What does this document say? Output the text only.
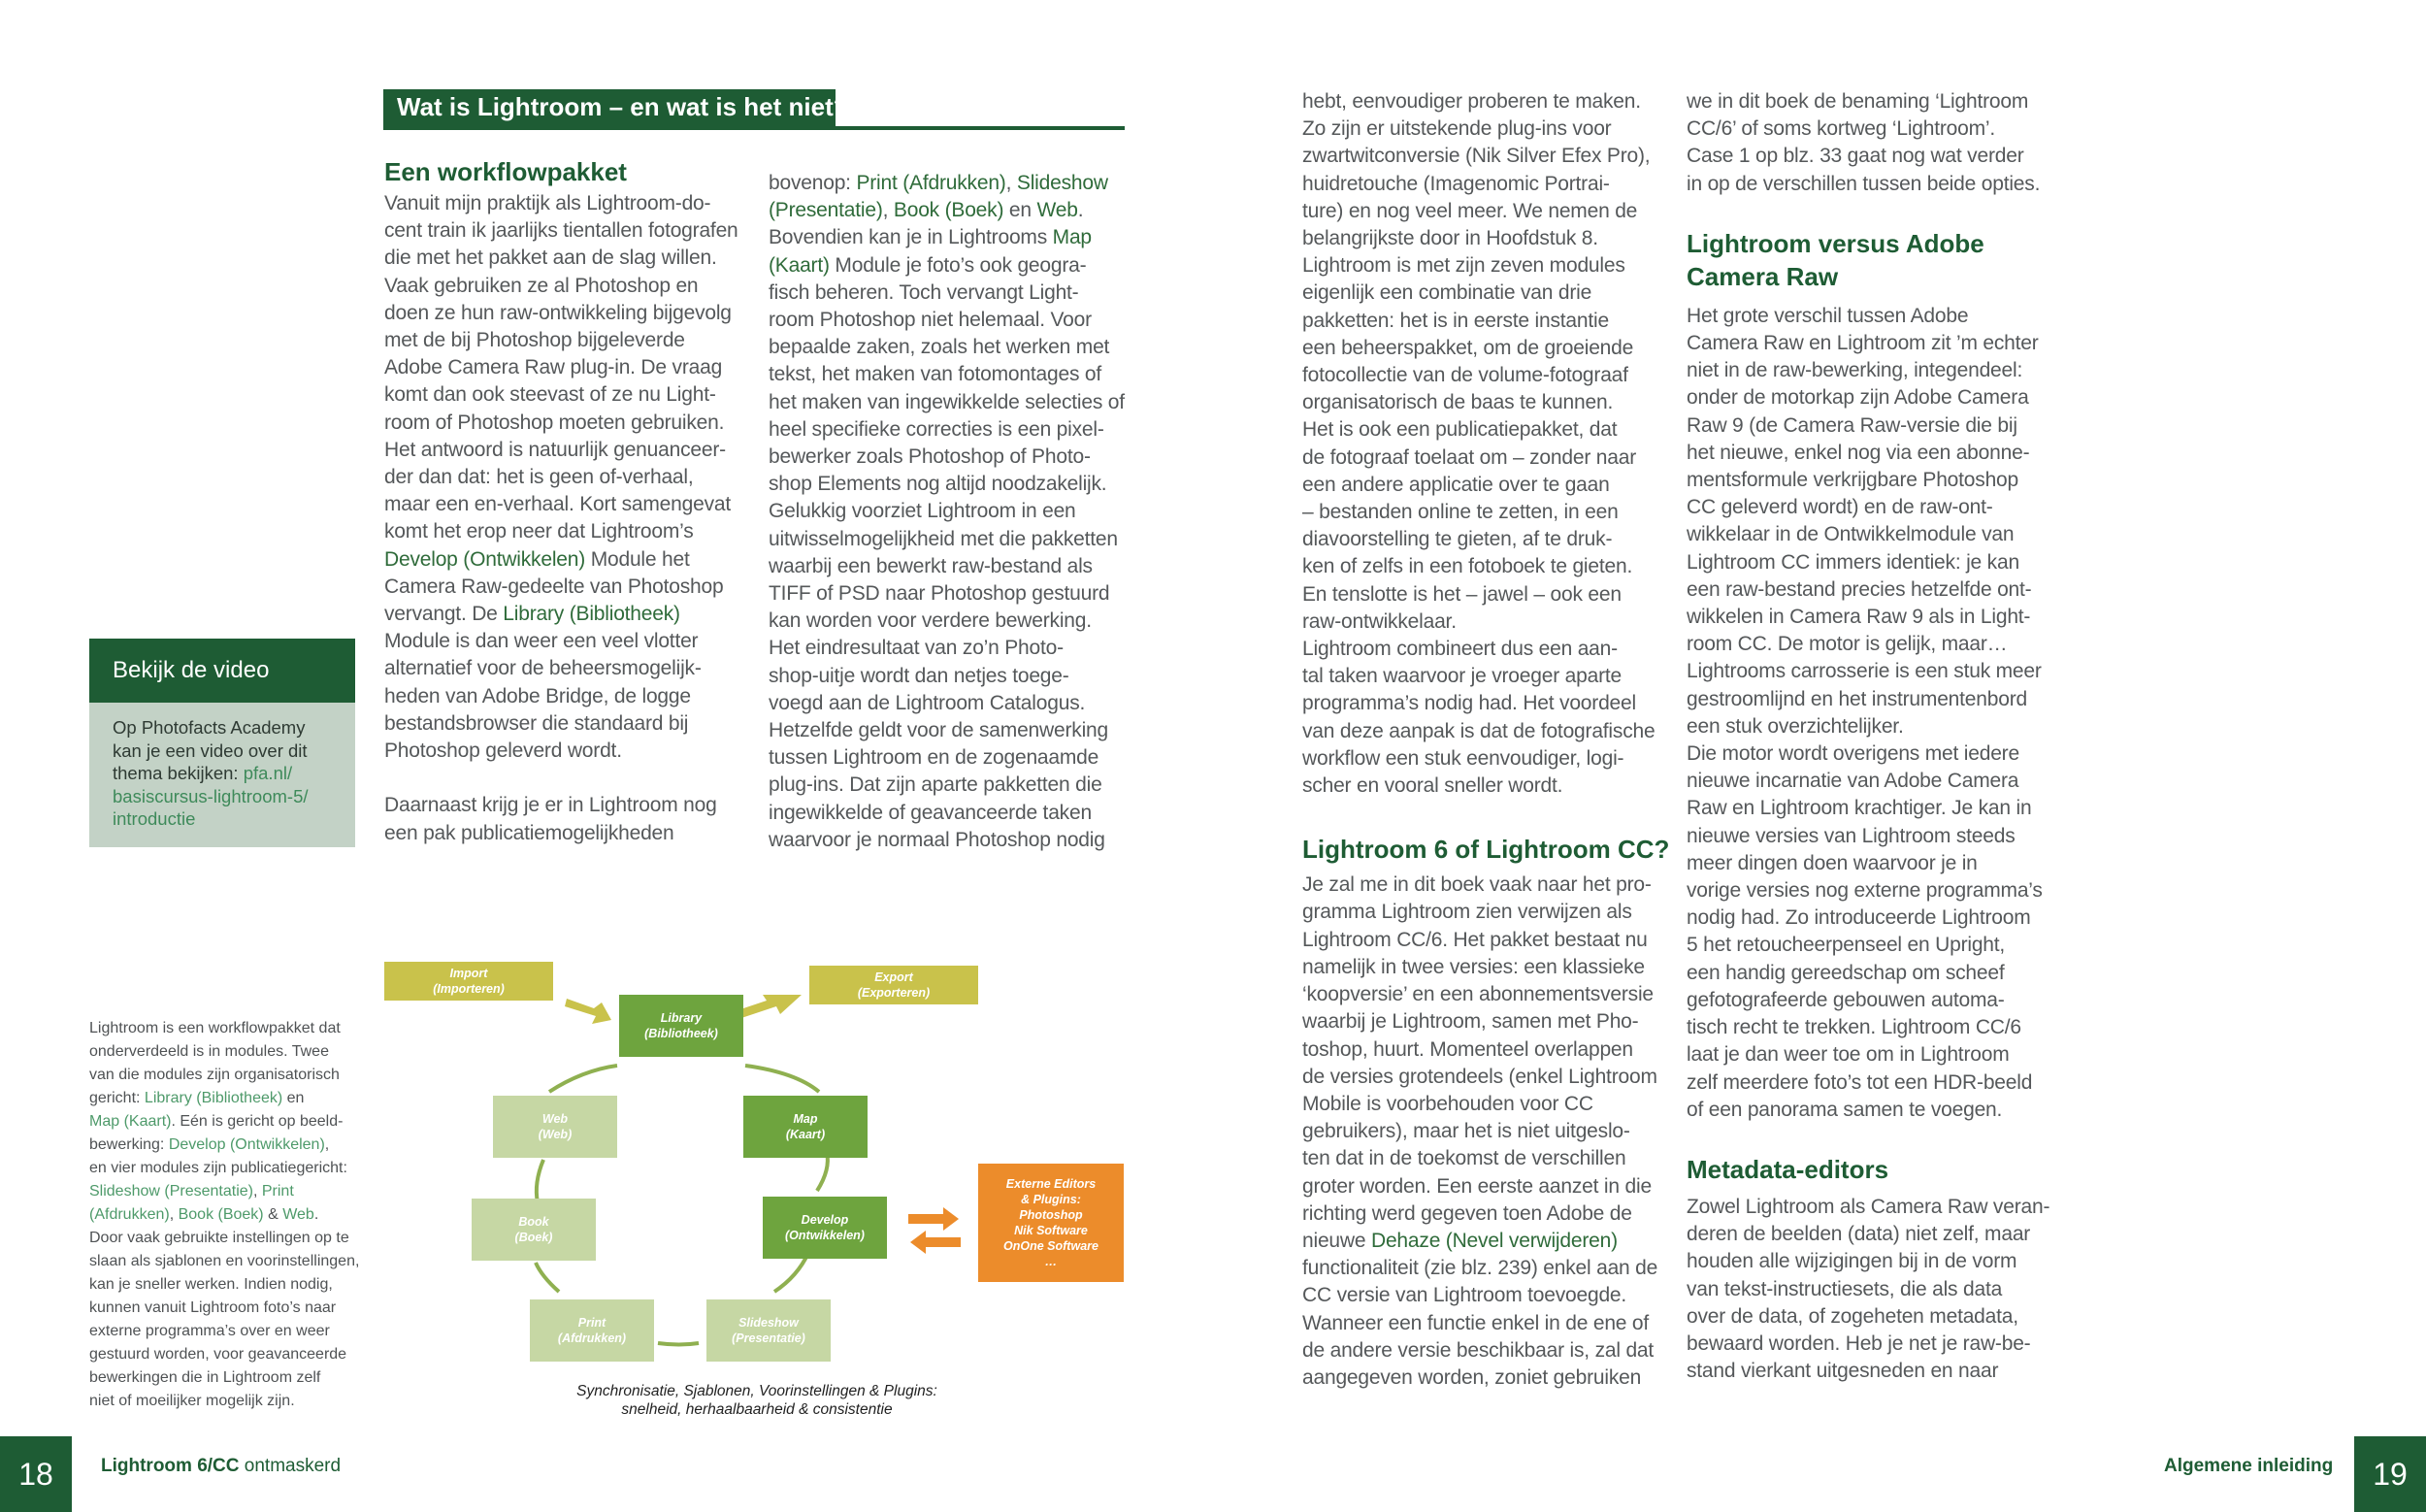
Wat is Lightroom – en wat is het niet?
Een workflowpakket

Vanuit mijn praktijk als Lightroom-do-

cent train ik jaarlijks tientallen fotografen

die met het pakket aan de slag willen.

Vaak gebruiken ze al Photoshop en

doen ze hun raw-ontwikkeling bijgevolg

met de bij Photoshop bijgeleverde

Adobe Camera Raw plug-in. De vraag

komt dan ook steevast of ze nu Light-

room of Photoshop moeten gebruiken.

Het antwoord is natuurlijk genuanceer-

der dan dat: het is geen of-verhaal,

maar een en-verhaal. Kort samengevat

komt het erop neer dat Lightroom’s

Develop (Ontwikkelen) Module het

Camera Raw-gedeelte van Photoshop

vervangt. De Library (Bibliotheek)

Module is dan weer een veel vlotter

alternatief voor de beheersmogelijk-

heden van Adobe Bridge, de logge

bestandsbrowser die standaard bij

Photoshop geleverd wordt.

Daarnaast krijg je er in Lightroom nog

een pak publicatiemogelijkheden

bovenop: Print (Afdrukken), Slideshow

(Presentatie), Book (Boek) en Web.

Bovendien kan je in Lightrooms Map

(Kaart) Module je foto’s ook geogra-

fisch beheren. Toch vervangt Light-

room Photoshop niet helemaal. Voor

bepaalde zaken, zoals het werken met

tekst, het maken van fotomontages of

het maken van ingewikkelde selecties of

heel specifieke correcties is een pixel-

bewerker zoals Photoshop of Photo-

shop Elements nog altijd noodzakelijk.

Gelukkig voorziet Lightroom in een

uitwisselmogelijkheid met die pakketten

waarbij een bewerkt raw-bestand als

TIFF of PSD naar Photoshop gestuurd

kan worden voor verdere bewerking.

Het eindresultaat van zo’n Photo-

shop-uitje wordt dan netjes toege-

voegd aan de Lightroom Catalogus.

Hetzelfde geldt voor de samenwerking

tussen Lightroom en de zogenaamde

plug-ins. Dat zijn aparte pakketten die

ingewikkelde of geavanceerde taken

waarvoor je normaal Photoshop nodig

hebt, eenvoudiger proberen te maken.

Zo zijn er uitstekende plug-ins voor

zwartwitconversie (Nik Silver Efex Pro),

huidretouche (Imagenomic Portrai-

ture) en nog veel meer. We nemen de

belangrijkste door in Hoofdstuk 8.

Lightroom is met zijn zeven modules

eigenlijk een combinatie van drie

pakketten: het is in eerste instantie

een beheerspakket, om de groeiende

fotocollectie van de volume-fotograaf

organisatorisch de baas te kunnen.

Het is ook een publicatiepakket, dat

de fotograaf toelaat om – zonder naar

een andere applicatie over te gaan

– bestanden online te zetten, in een

diavoorstelling te gieten, af te druk-

ken of zelfs in een fotoboek te gieten.

En tenslotte is het – jawel – ook een

raw-ontwikkelaar.

Lightroom combineert dus een aan-

tal taken waarvoor je vroeger aparte

programma’s nodig had. Het voordeel

van deze aanpak is dat de fotografische

workflow een stuk eenvoudiger, logi-

scher en vooral sneller wordt.

Lightroom 6 of Lightroom CC?

Je zal me in dit boek vaak naar het pro-

gramma Lightroom zien verwijzen als

Lightroom CC/6. Het pakket bestaat nu

namelijk in twee versies: een klassieke

‘koopversie’ en een abonnementsversie

waarbij je Lightroom, samen met Pho-

toshop, huurt. Momenteel overlappen

de versies grotendeels (enkel Lightroom

Mobile is voorbehouden voor CC

gebruikers), maar het is niet uitgeslo-

ten dat in de toekomst de verschillen

groter worden. Een eerste aanzet in die

richting werd gegeven toen Adobe de

nieuwe Dehaze (Nevel verwijderen)

functionaliteit (zie blz. 239) enkel aan de

CC versie van Lightroom toevoegde.

Wanneer een functie enkel in de ene of

de andere versie beschikbaar is, zal dat

aangegeven worden, zoniet gebruiken

we in dit boek de benaming ‘Lightroom

CC/6’ of soms kortweg ‘Lightroom’.

Case 1 op blz. 33 gaat nog wat verder

in op de verschillen tussen beide opties.

Lightroom versus Adobe
Camera Raw

Het grote verschil tussen Adobe

Camera Raw en Lightroom zit ’m echter

niet in de raw-bewerking, integendeel:

onder de motorkap zijn Adobe Camera

Raw 9 (de Camera Raw-versie die bij

het nieuwe, enkel nog via een abonne-

mentsformule verkrijgbare Photoshop

CC geleverd wordt) en de raw-ont-

wikkelaar in de Ontwikkelmodule van

Lightroom CC immers identiek: je kan

een raw-bestand precies hetzelfde ont-

wikkelen in Camera Raw 9 als in Light-

room CC. De motor is gelijk, maar…

Lightrooms carrosserie is een stuk meer

gestroomlijnd en het instrumentenbord

een stuk overzichtelijker.

Die motor wordt overigens met iedere

nieuwe incarnatie van Adobe Camera

Raw en Lightroom krachtiger. Je kan in

nieuwe versies van Lightroom steeds

meer dingen doen waarvoor je in

vorige versies nog externe programma’s

nodig had. Zo introduceerde Lightroom

5 het retoucheerpenseel en Upright,

een handig gereedschap om scheef

gefotografeerde gebouwen automa-

tisch recht te trekken. Lightroom CC/6

laat je dan weer toe om in Lightroom

zelf meerdere foto’s tot een HDR-beeld

of een panorama samen te voegen.

Metadata-editors

Zowel Lightroom als Camera Raw veran-

deren de beelden (data) niet zelf, maar

houden alle wijzigingen bij in de vorm

van tekst-instructiesets, die als data

over de data, of zogeheten metadata,

bewaard worden. Heb je net je raw-be-

stand vierkant uitgesneden en naar

Bekijk de video
Op Photofacts Academy
kan je een video over dit
thema bekijken: pfa.nl/
basiscursus-lightroom-5/
introductie
Lightroom is een workflowpakket dat
onderverdeeld is in modules. Twee
van die modules zijn organisatorisch
gericht: Library (Bibliotheek) en
Map (Kaart). Eén is gericht op beeld-
bewerking: Develop (Ontwikkelen),
en vier modules zijn publicatiegericht:
Slideshow (Presentatie), Print
(Afdrukken), Book (Boek) & Web.
Door vaak gebruikte instellingen op te
slaan als sjablonen en voorinstellingen,
kan je sneller werken. Indien nodig,
kunnen vanuit Lightroom foto’s naar
externe programma’s over en weer
gestuurd worden, voor geavanceerde
bewerkingen die in Lightroom zelf
niet of moeilijker mogelijk zijn.
Import
(Importeren)
Export
(Exporteren)
Library
(Bibliotheek)
Map
(Kaart)
Develop
(Ontwikkelen)
Slideshow
(Presentatie)
Print
(Afdrukken)
Book
(Boek)
Web
(Web)
Externe Editors
& Plugins:
Photoshop
Nik Software
OnOne Software
…
Synchronisatie, Sjablonen, Voorinstellingen & Plugins:
snelheid, herhaalbaarheid & consistentie
18	Lightroom 6/CC ontmaskerd	Algemene inleiding	19
